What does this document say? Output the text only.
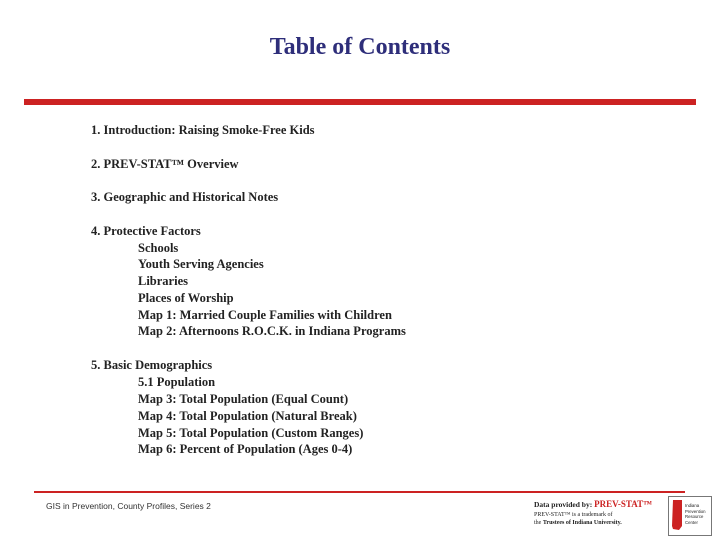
Table of Contents
1. Introduction: Raising Smoke-Free Kids
2. PREV-STAT™ Overview
3. Geographic and Historical Notes
4. Protective Factors
Schools
Youth Serving Agencies
Libraries
Places of Worship
Map 1: Married Couple Families with Children
Map 2: Afternoons R.O.C.K. in Indiana Programs
5. Basic Demographics
5.1 Population
Map 3: Total Population (Equal Count)
Map 4: Total Population (Natural Break)
Map 5: Total Population (Custom Ranges)
Map 6: Percent of Population (Ages 0-4)
GIS in Prevention, County Profiles, Series 2	Data provided by: PREV-STAT™
PREV-STAT™ is a trademark of
the Trustees of Indiana University.
Indiana
Prevention
Resource
Center
